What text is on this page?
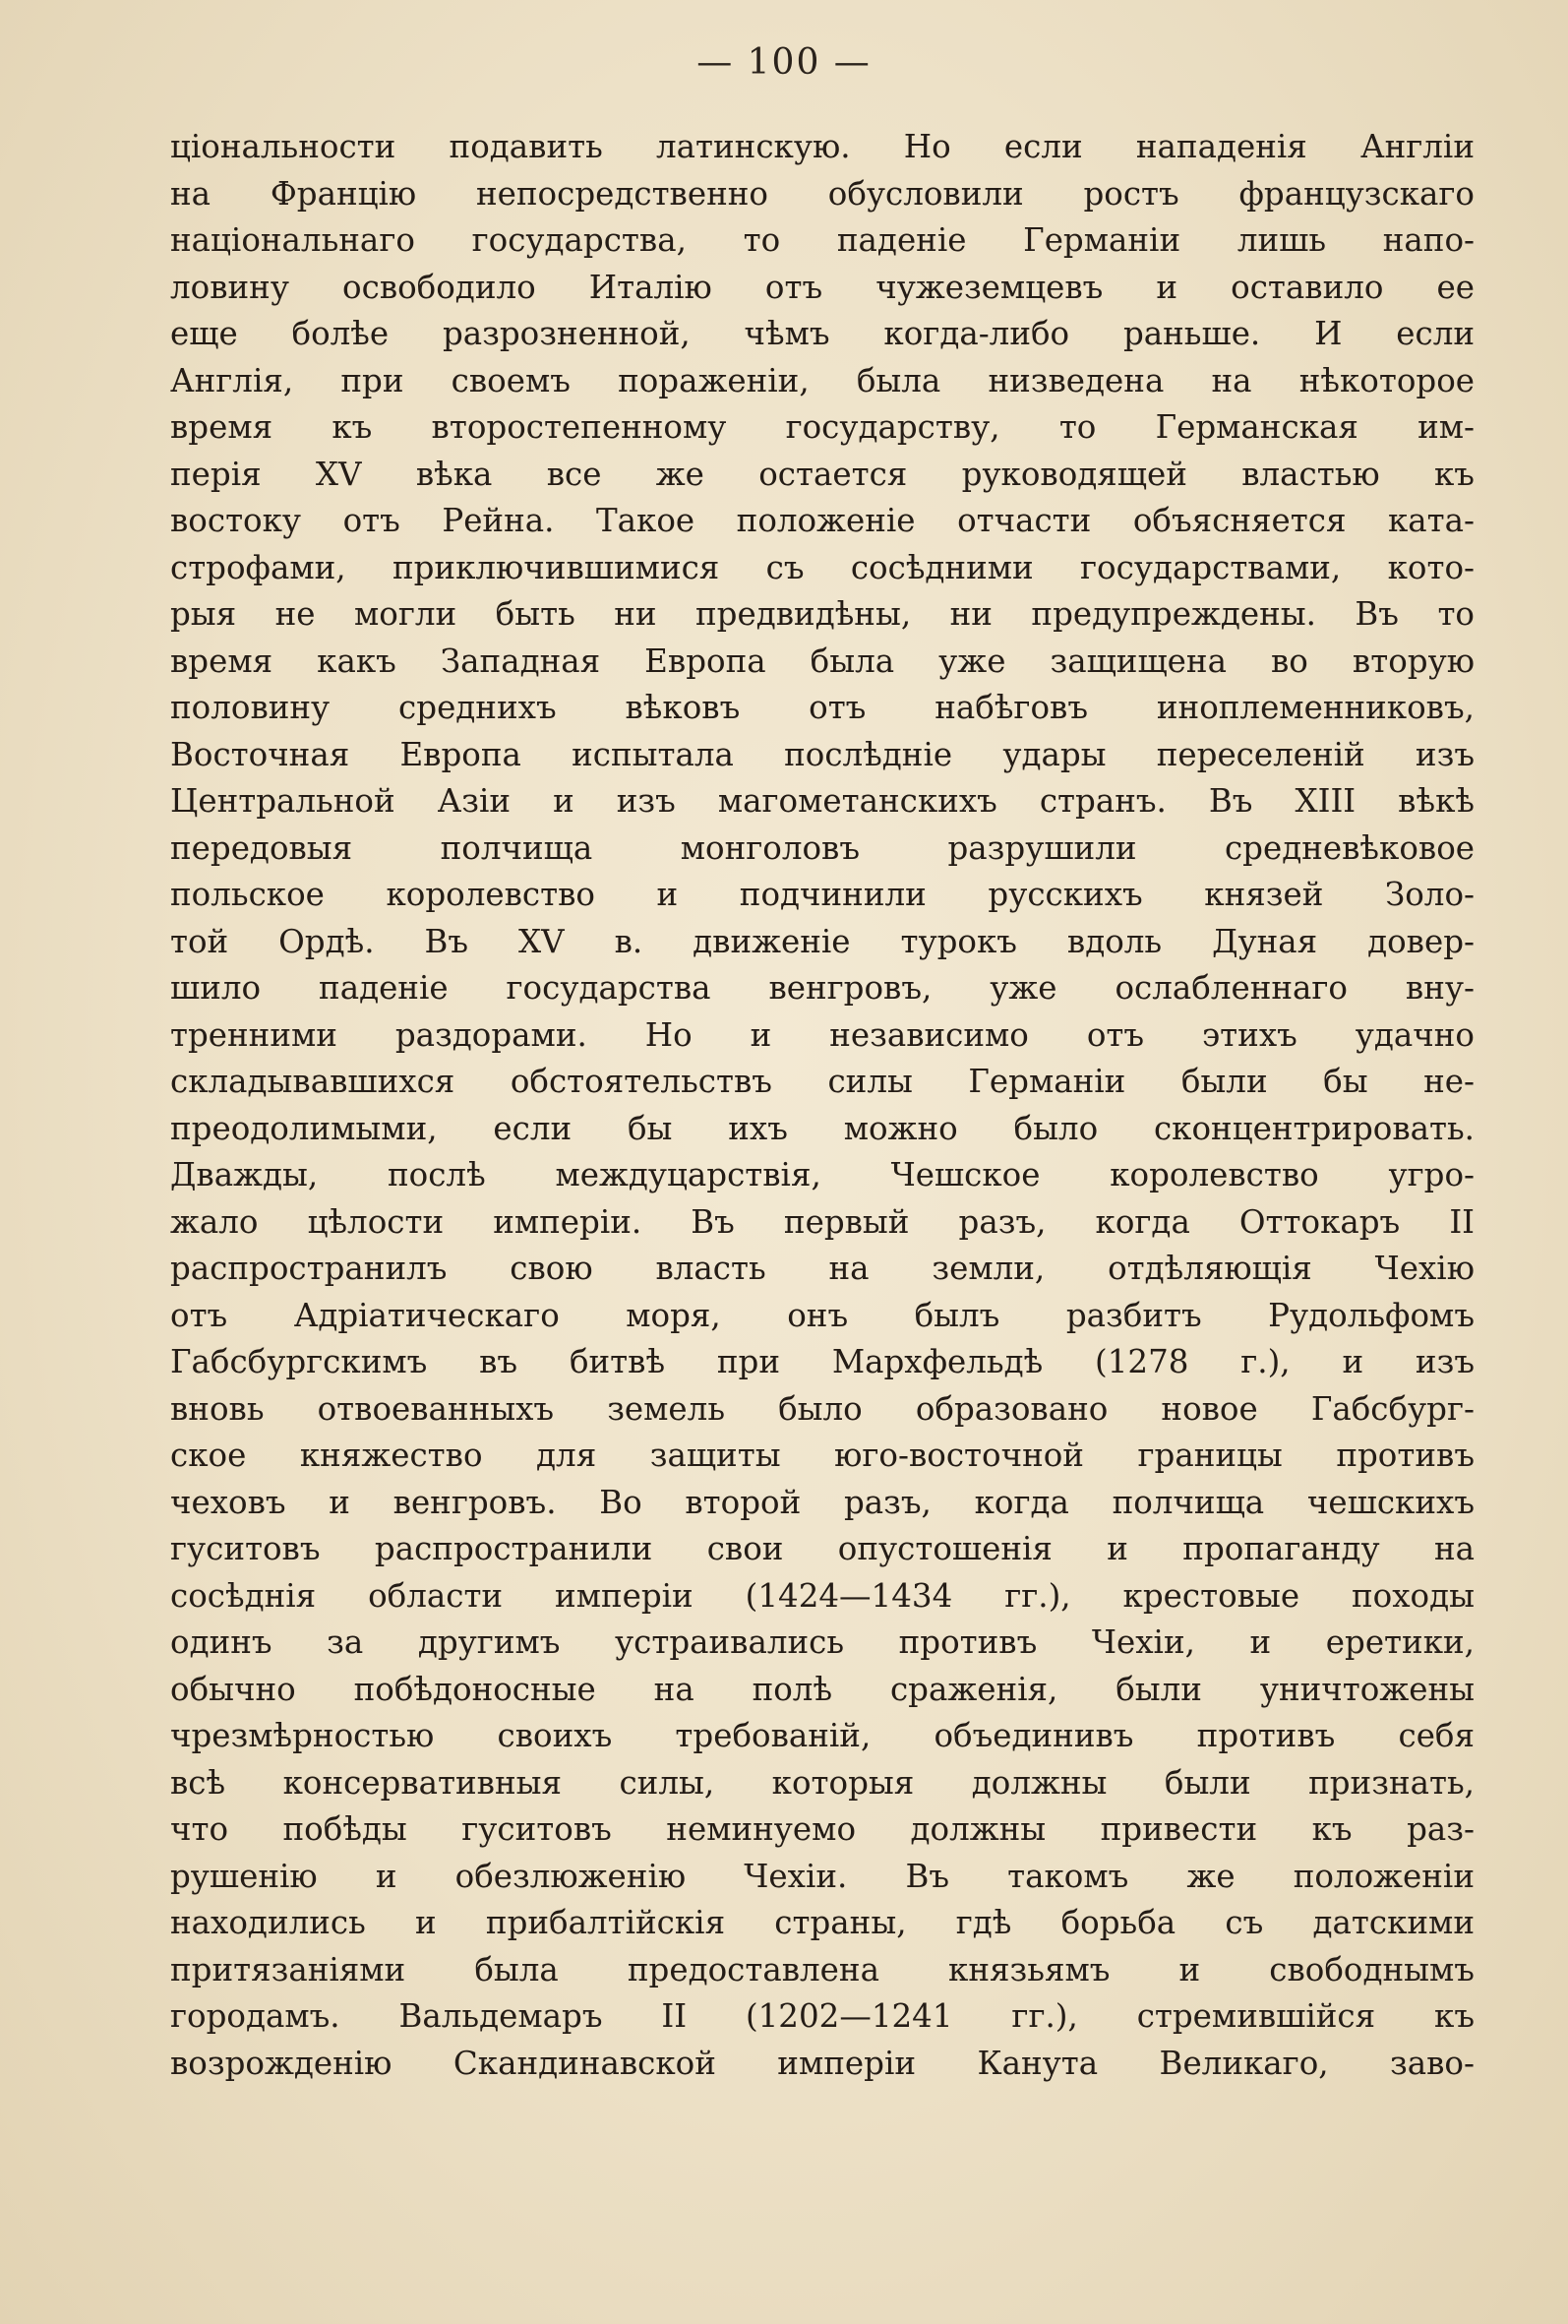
— 100 —
ціональности подавить латинскую. Но если нападенія Англіи
на Францію непосредственно обусловили ростъ французскаго
національнаго государства, то паденіе Германіи лишь напо-
ловину освободило Италію отъ чужеземцевъ и оставило ее
еще болѣе разрозненной, чѣмъ когда-либо раньше. И если
Англія, при своемъ пораженіи, была низведена на нѣкоторое
время къ второстепенному государству, то Германская им-
перія XV вѣка все же остается руководящей властью къ
востоку отъ Рейна. Такое положеніе отчасти объясняется ката-
строфами, приключившимися съ сосѣдними государствами, кото-
рыя не могли быть ни предвидѣны, ни предупреждены. Въ то
время какъ Западная Европа была уже защищена во вторую
половину среднихъ вѣковъ отъ набѣговъ иноплеменниковъ,
Восточная Европа испытала послѣдніе удары переселеній изъ
Центральной Азіи и изъ магометанскихъ странъ. Въ XIII вѣкѣ
передовыя полчища монголовъ разрушили средневѣковое
польское королевство и подчинили русскихъ князей Золо-
той Ордѣ. Въ XV в. движеніе турокъ вдоль Дуная довер-
шило паденіе государства венгровъ, уже ослабленнаго вну-
тренними раздорами. Но и независимо отъ этихъ удачно
складывавшихся обстоятельствъ силы Германіи были бы не-
преодолимыми, если бы ихъ можно было сконцентрировать.
Дважды, послѣ междуцарствія, Чешское королевство угро-
жало цѣлости имперіи. Въ первый разъ, когда Оттокаръ II
распространилъ свою власть на земли, отдѣляющія Чехію
отъ Адріатическаго моря, онъ былъ разбитъ Рудольфомъ
Габсбургскимъ въ битвѣ при Мархфельдѣ (1278 г.), и изъ
вновь отвоеванныхъ земель было образовано новое Габсбург-
ское княжество для защиты юго-восточной границы противъ
чеховъ и венгровъ. Во второй разъ, когда полчища чешскихъ
гуситовъ распространили свои опустошенія и пропаганду на
сосѣднія области имперіи (1424—1434 гг.), крестовые походы
одинъ за другимъ устраивались противъ Чехіи, и еретики,
обычно побѣдоносные на полѣ сраженія, были уничтожены
чрезмѣрностью своихъ требованій, объединивъ противъ себя
всѣ консервативныя силы, которыя должны были признать,
что побѣды гуситовъ неминуемо должны привести къ раз-
рушенію и обезлюженію Чехіи. Въ такомъ же положеніи
находились и прибалтійскія страны, гдѣ борьба съ датскими
притязаніями была предоставлена князьямъ и свободнымъ
городамъ. Вальдемаръ II (1202—1241 гг.), стремившійся къ
возрожденію Скандинавской имперіи Канута Великаго, заво-
